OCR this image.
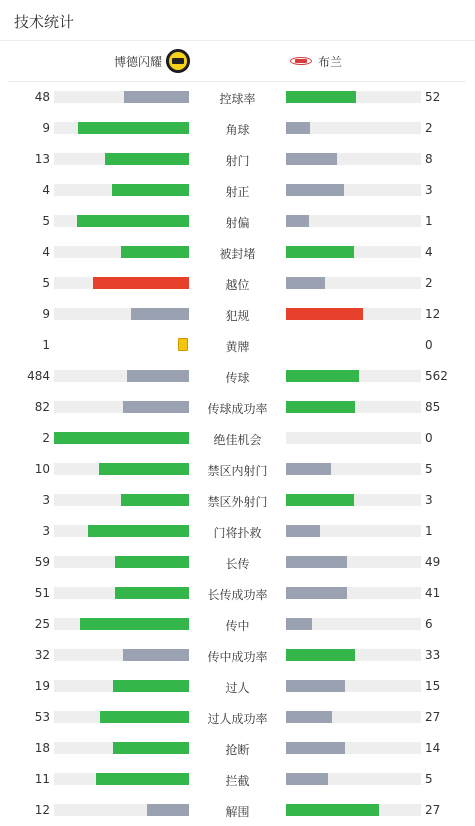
技术统计
博德闪耀	布兰
48	控球率	52
9	角球	2
13	射门	8
4	射正	3
5	射偏	1
4	被封堵	4
5	越位	2
9	犯规	12
1	黄牌	0
484	传球	562
82	传球成功率	85
2	绝佳机会	0
10	禁区内射门	5
3	禁区外射门	3
3	门将扑救	1
59	长传	49
51	长传成功率	41
25	传中	6
32	传中成功率	33
19	过人	15
53	过人成功率	27
18	抢断	14
11	拦截	5
12	解围	27
